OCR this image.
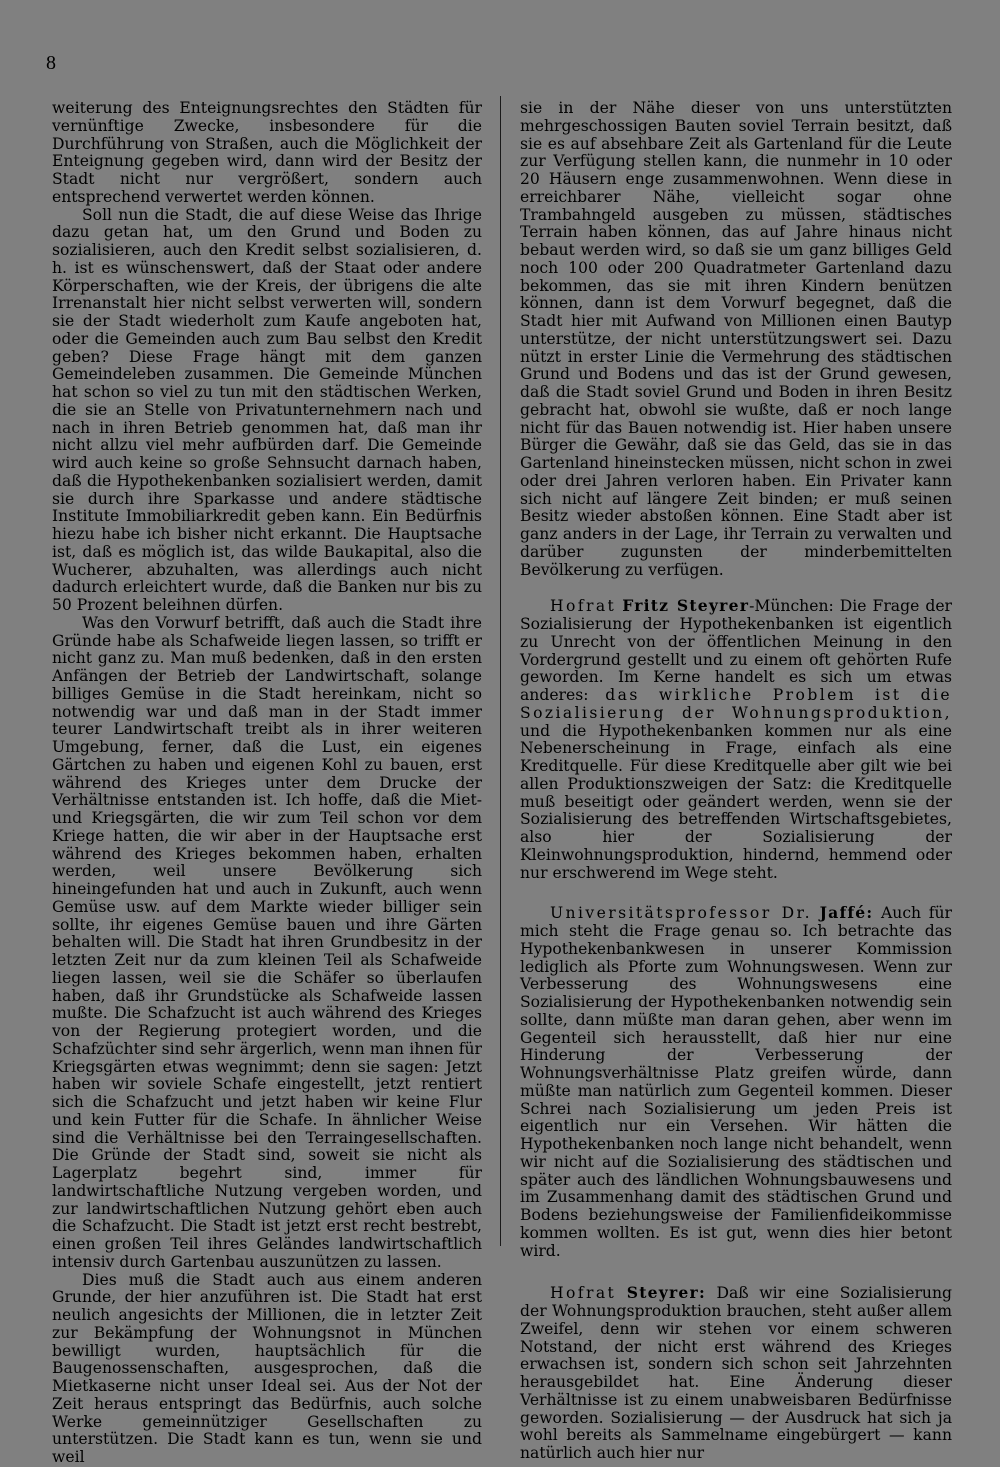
8

weiterung des Enteignungsrechtes den Städten für vernünftige Zwecke, insbesondere für die Durchführung von Straßen, auch die Möglichkeit der Enteignung gegeben wird, dann wird der Besitz der Stadt nicht nur vergrößert, sondern auch entsprechend verwertet werden können.

Soll nun die Stadt, die auf diese Weise das Ihrige dazu getan hat, um den Grund und Boden zu sozialisieren, auch den Kredit selbst sozialisieren, d. h. ist es wünschenswert, daß der Staat oder andere Körperschaften, wie der Kreis, der übrigens die alte Irrenanstalt hier nicht selbst verwerten will, sondern sie der Stadt wiederholt zum Kaufe angeboten hat, oder die Gemeinden auch zum Bau selbst den Kredit geben? Diese Frage hängt mit dem ganzen Gemeindeleben zusammen. Die Gemeinde München hat schon so viel zu tun mit den städtischen Werken, die sie an Stelle von Privatunternehmern nach und nach in ihren Betrieb genommen hat, daß man ihr nicht allzu viel mehr aufbürden darf. Die Gemeinde wird auch keine so große Sehnsucht darnach haben, daß die Hypothekenbanken sozialisiert werden, damit sie durch ihre Sparkasse und andere städtische Institute Immobiliarkredit geben kann. Ein Bedürfnis hiezu habe ich bisher nicht erkannt. Die Hauptsache ist, daß es möglich ist, das wilde Baukapital, also die Wucherer, abzuhalten, was allerdings auch nicht dadurch erleichtert wurde, daß die Banken nur bis zu 50 Prozent beleihnen dürfen.

Was den Vorwurf betrifft, daß auch die Stadt ihre Gründe habe als Schafweide liegen lassen, so trifft er nicht ganz zu. Man muß bedenken, daß in den ersten Anfängen der Betrieb der Landwirtschaft, solange billiges Gemüse in die Stadt hereinkam, nicht so notwendig war und daß man in der Stadt immer teurer Landwirtschaft treibt als in ihrer weiteren Umgebung, ferner, daß die Lust, ein eigenes Gärtchen zu haben und eigenen Kohl zu bauen, erst während des Krieges unter dem Drucke der Verhältnisse entstanden ist. Ich hoffe, daß die Miet- und Kriegsgärten, die wir zum Teil schon vor dem Kriege hatten, die wir aber in der Hauptsache erst während des Krieges bekommen haben, erhalten werden, weil unsere Bevölkerung sich hineingefunden hat und auch in Zukunft, auch wenn Gemüse usw. auf dem Markte wieder billiger sein sollte, ihr eigenes Gemüse bauen und ihre Gärten behalten will. Die Stadt hat ihren Grundbesitz in der letzten Zeit nur da zum kleinen Teil als Schafweide liegen lassen, weil sie die Schäfer so überlaufen haben, daß ihr Grundstücke als Schafweide lassen mußte. Die Schafzucht ist auch während des Krieges von der Regierung protegiert worden, und die Schafzüchter sind sehr ärgerlich, wenn man ihnen für Kriegsgärten etwas wegnimmt; denn sie sagen: Jetzt haben wir soviele Schafe eingestellt, jetzt rentiert sich die Schafzucht und jetzt haben wir keine Flur und kein Futter für die Schafe. In ähnlicher Weise sind die Verhältnisse bei den Terraingesellschaften. Die Gründe der Stadt sind, soweit sie nicht als Lagerplatz begehrt sind, immer für landwirtschaftliche Nutzung vergeben worden, und zur landwirtschaftlichen Nutzung gehört eben auch die Schafzucht. Die Stadt ist jetzt erst recht bestrebt, einen großen Teil ihres Geländes landwirtschaftlich intensiv durch Gartenbau auszunützen zu lassen.

Dies muß die Stadt auch aus einem anderen Grunde, der hier anzuführen ist. Die Stadt hat erst neulich angesichts der Millionen, die in letzter Zeit zur Bekämpfung der Wohnungsnot in München bewilligt wurden, hauptsächlich für die Baugenossenschaften, ausgesprochen, daß die Mietkaserne nicht unser Ideal sei. Aus der Not der Zeit heraus entspringt das Bedürfnis, auch solche Werke gemeinnütziger Gesellschaften zu unterstützen. Die Stadt kann es tun, wenn sie und weil

sie in der Nähe dieser von uns unterstützten mehrgeschossigen Bauten soviel Terrain besitzt, daß sie es auf absehbare Zeit als Gartenland für die Leute zur Verfügung stellen kann, die nunmehr in 10 oder 20 Häusern enge zusammenwohnen. Wenn diese in erreichbarer Nähe, vielleicht sogar ohne Trambahngeld ausgeben zu müssen, städtisches Terrain haben können, das auf Jahre hinaus nicht bebaut werden wird, so daß sie um ganz billiges Geld noch 100 oder 200 Quadratmeter Gartenland dazu bekommen, das sie mit ihren Kindern benützen können, dann ist dem Vorwurf begegnet, daß die Stadt hier mit Aufwand von Millionen einen Bautyp unterstütze, der nicht unterstützungswert sei. Dazu nützt in erster Linie die Vermehrung des städtischen Grund und Bodens und das ist der Grund gewesen, daß die Stadt soviel Grund und Boden in ihren Besitz gebracht hat, obwohl sie wußte, daß er noch lange nicht für das Bauen notwendig ist. Hier haben unsere Bürger die Gewähr, daß sie das Geld, das sie in das Gartenland hineinstecken müssen, nicht schon in zwei oder drei Jahren verloren haben. Ein Privater kann sich nicht auf längere Zeit binden; er muß seinen Besitz wieder abstoßen können. Eine Stadt aber ist ganz anders in der Lage, ihr Terrain zu verwalten und darüber zugunsten der minderbemittelten Bevölkerung zu verfügen.

Hofrat Fritz Steyrer-München: Die Frage der Sozialisierung der Hypothekenbanken ist eigentlich zu Unrecht von der öffentlichen Meinung in den Vordergrund gestellt und zu einem oft gehörten Rufe geworden. Im Kerne handelt es sich um etwas anderes: das wirkliche Problem ist die Sozialisierung der Wohnungsproduktion, und die Hypothekenbanken kommen nur als eine Nebenerscheinung in Frage, einfach als eine Kreditquelle. Für diese Kreditquelle aber gilt wie bei allen Produktionszweigen der Satz: die Kreditquelle muß beseitigt oder geändert werden, wenn sie der Sozialisierung des betreffenden Wirtschaftsgebietes, also hier der Sozialisierung der Kleinwohnungsproduktion, hindernd, hemmend oder nur erschwerend im Wege steht.

Universitätsprofessor Dr. Jaffé: Auch für mich steht die Frage genau so. Ich betrachte das Hypothekenbankwesen in unserer Kommission lediglich als Pforte zum Wohnungswesen. Wenn zur Verbesserung des Wohnungswesens eine Sozialisierung der Hypothekenbanken notwendig sein sollte, dann müßte man daran gehen, aber wenn im Gegenteil sich herausstellt, daß hier nur eine Hinderung der Verbesserung der Wohnungsverhältnisse Platz greifen würde, dann müßte man natürlich zum Gegenteil kommen. Dieser Schrei nach Sozialisierung um jeden Preis ist eigentlich nur ein Versehen. Wir hätten die Hypothekenbanken noch lange nicht behandelt, wenn wir nicht auf die Sozialisierung des städtischen und später auch des ländlichen Wohnungsbauwesens und im Zusammenhang damit des städtischen Grund und Bodens beziehungsweise der Familienfideikommisse kommen wollten. Es ist gut, wenn dies hier betont wird.

Hofrat Steyrer: Daß wir eine Sozialisierung der Wohnungsproduktion brauchen, steht außer allem Zweifel, denn wir stehen vor einem schweren Notstand, der nicht erst während des Krieges erwachsen ist, sondern sich schon seit Jahrzehnten herausgebildet hat. Eine Änderung dieser Verhältnisse ist zu einem unabweisbaren Bedürfnisse geworden. Sozialisierung — der Ausdruck hat sich ja wohl bereits als Sammelname eingebürgert — kann natürlich auch hier nur
